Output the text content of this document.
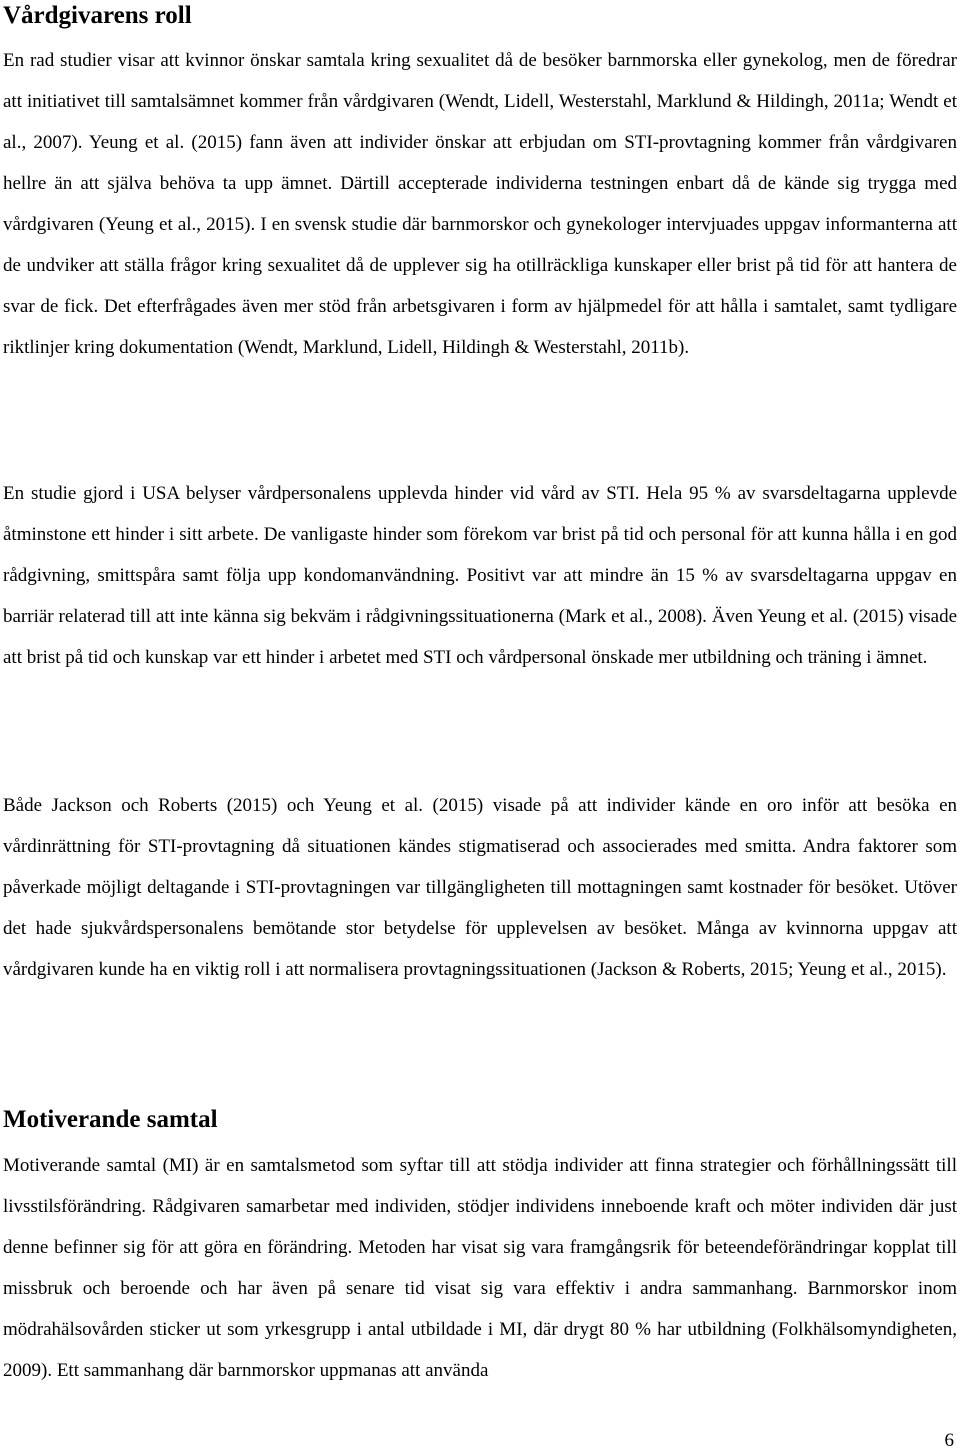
Vårdgivarens roll

En rad studier visar att kvinnor önskar samtala kring sexualitet då de besöker barnmorska eller gynekolog, men de föredrar att initiativet till samtalsämnet kommer från vårdgivaren (Wendt, Lidell, Westerstahl, Marklund & Hildingh, 2011a; Wendt et al., 2007). Yeung et al. (2015) fann även att individer önskar att erbjudan om STI-provtagning kommer från vårdgivaren hellre än att själva behöva ta upp ämnet. Därtill accepterade individerna testningen enbart då de kände sig trygga med vårdgivaren (Yeung et al., 2015). I en svensk studie där barnmorskor och gynekologer intervjuades uppgav informanterna att de undviker att ställa frågor kring sexualitet då de upplever sig ha otillräckliga kunskaper eller brist på tid för att hantera de svar de fick. Det efterfrågades även mer stöd från arbetsgivaren i form av hjälpmedel för att hålla i samtalet, samt tydligare riktlinjer kring dokumentation (Wendt, Marklund, Lidell, Hildingh & Westerstahl, 2011b).

En studie gjord i USA belyser vårdpersonalens upplevda hinder vid vård av STI. Hela 95 % av svarsdeltagarna upplevde åtminstone ett hinder i sitt arbete. De vanligaste hinder som förekom var brist på tid och personal för att kunna hålla i en god rådgivning, smittspåra samt följa upp kondomanvändning. Positivt var att mindre än 15 % av svarsdeltagarna uppgav en barriär relaterad till att inte känna sig bekväm i rådgivningssituationerna (Mark et al., 2008). Även Yeung et al. (2015) visade att brist på tid och kunskap var ett hinder i arbetet med STI och vårdpersonal önskade mer utbildning och träning i ämnet.

Både Jackson och Roberts (2015) och Yeung et al. (2015) visade på att individer kände en oro inför att besöka en vårdinrättning för STI-provtagning då situationen kändes stigmatiserad och associerades med smitta. Andra faktorer som påverkade möjligt deltagande i STI-provtagningen var tillgängligheten till mottagningen samt kostnader för besöket. Utöver det hade sjukvårdspersonalens bemötande stor betydelse för upplevelsen av besöket. Många av kvinnorna uppgav att vårdgivaren kunde ha en viktig roll i att normalisera provtagningssituationen (Jackson & Roberts, 2015; Yeung et al., 2015).

Motiverande samtal

Motiverande samtal (MI) är en samtalsmetod som syftar till att stödja individer att finna strategier och förhållningssätt till livsstilsförändring. Rådgivaren samarbetar med individen, stödjer individens inneboende kraft och möter individen där just denne befinner sig för att göra en förändring. Metoden har visat sig vara framgångsrik för beteendeförändringar kopplat till missbruk och beroende och har även på senare tid visat sig vara effektiv i andra sammanhang. Barnmorskor inom mödrahälsovården sticker ut som yrkesgrupp i antal utbildade i MI, där drygt 80 % har utbildning (Folkhälsomyndigheten, 2009). Ett sammanhang där barnmorskor uppmanas att använda

6
